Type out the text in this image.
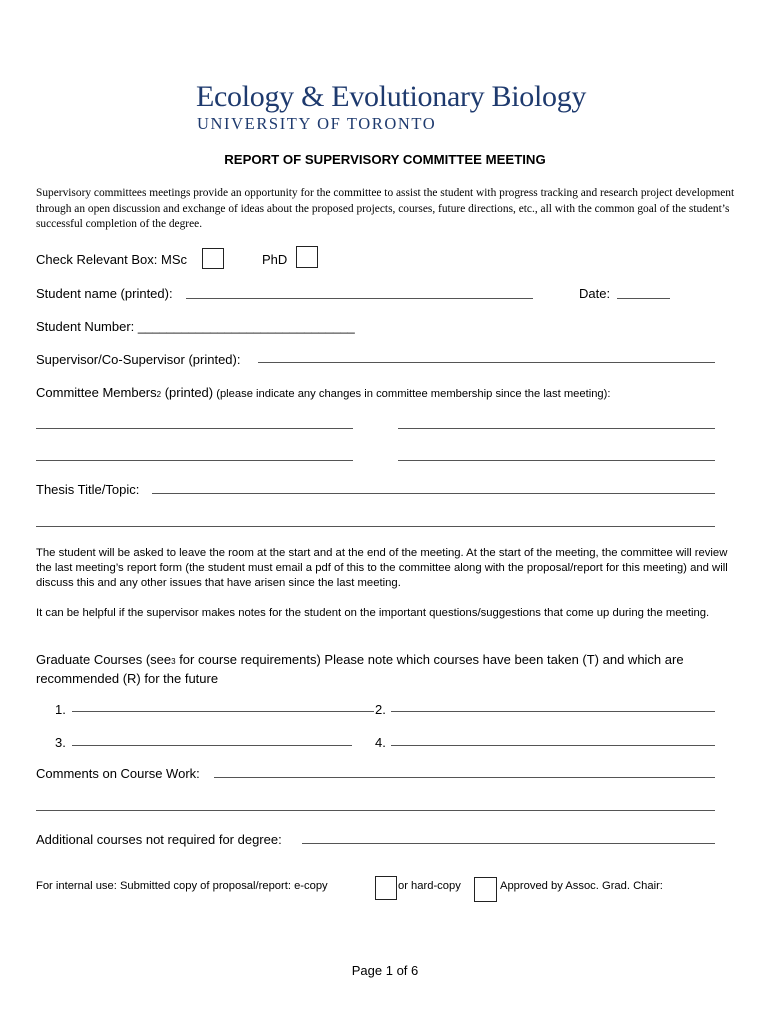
Ecology & Evolutionary Biology
UNIVERSITY OF TORONTO
REPORT OF SUPERVISORY COMMITTEE MEETING
Supervisory committees meetings provide an opportunity for the committee to assist the student with progress tracking and research project development through an open discussion and exchange of ideas about the proposed projects, courses, future directions, etc., all with the common goal of the student’s successful completion of the degree.
Check Relevant Box: MSc	PhD
Student name (printed):	Date:
Student Number: ______________________________
Supervisor/Co-Supervisor (printed):
Committee Members2 (printed) (please indicate any changes in committee membership since the last meeting):
Thesis Title/Topic:
The student will be asked to leave the room at the start and at the end of the meeting. At the start of the meeting, the committee will review the last meeting’s report form (the student must email a pdf of this to the committee along with the proposal/report for this meeting) and will discuss this and any other issues that have arisen since the last meeting.
It can be helpful if the supervisor makes notes for the student on the important questions/suggestions that come up during the meeting.
Graduate Courses (see3 for course requirements) Please note which courses have been taken (T) and which are recommended (R) for the future
1.	2.
3.	4.
Comments on Course Work:
Additional courses not required for degree:
For internal use: Submitted copy of proposal/report: e-copy	or hard-copy	Approved by Assoc. Grad. Chair:
Page 1 of 6
